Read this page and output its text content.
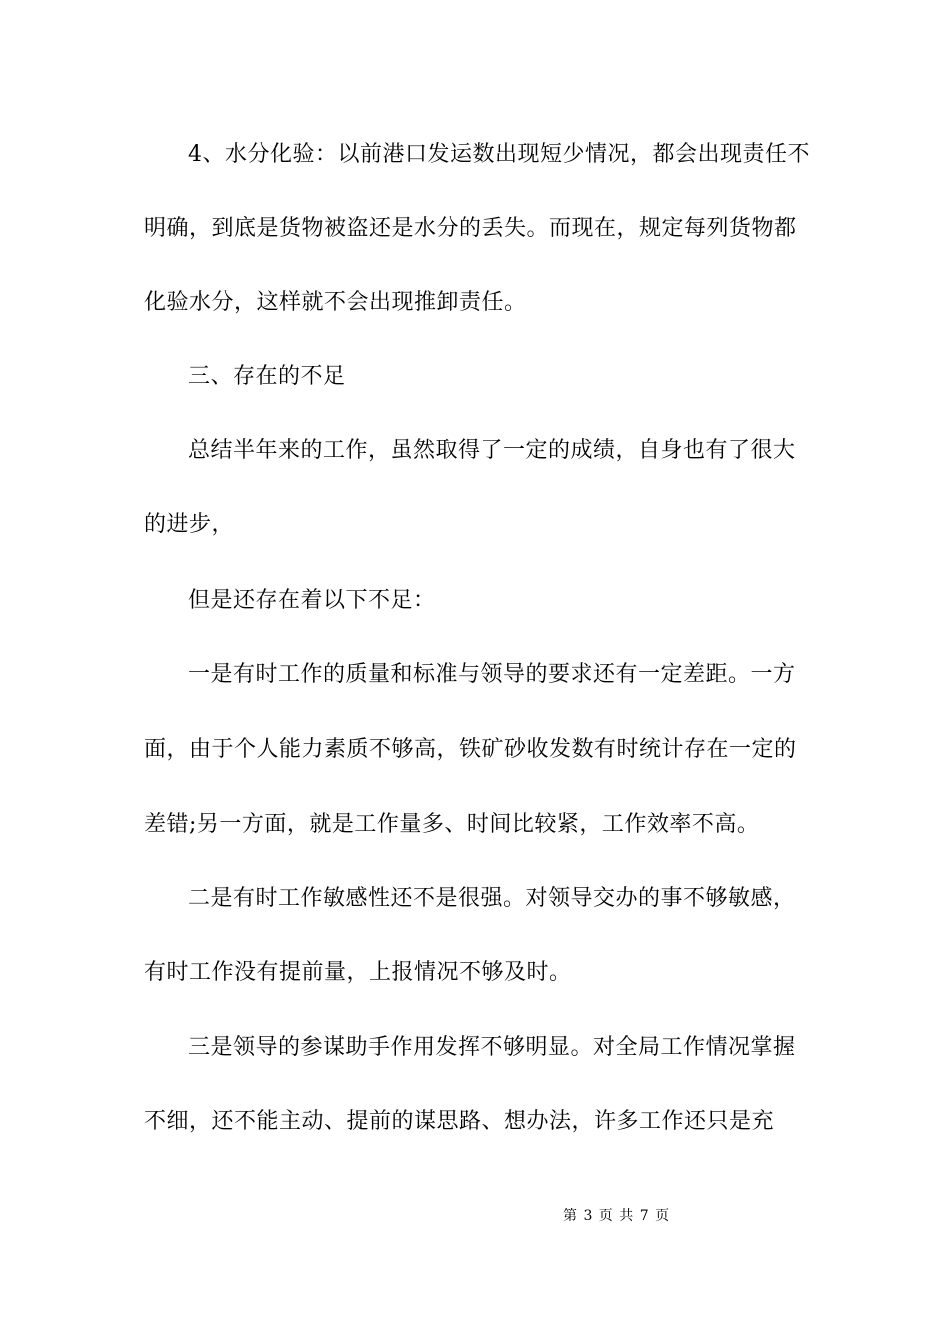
4、水分化验：以前港口发运数出现短少情况，都会出现责任不
明确，到底是货物被盗还是水分的丢失。而现在，规定每列货物都
化验水分，这样就不会出现推卸责任。
三、存在的不足
总结半年来的工作，虽然取得了一定的成绩，自身也有了很大
的进步，
但是还存在着以下不足：
一是有时工作的质量和标准与领导的要求还有一定差距。一方
面，由于个人能力素质不够高，铁矿砂收发数有时统计存在一定的
差错;另一方面，就是工作量多、时间比较紧，工作效率不高。
二是有时工作敏感性还不是很强。对领导交办的事不够敏感，
有时工作没有提前量，上报情况不够及时。
三是领导的参谋助手作用发挥不够明显。对全局工作情况掌握
不细，还不能主动、提前的谋思路、想办法，许多工作还只是充
第 3 页 共 7 页
